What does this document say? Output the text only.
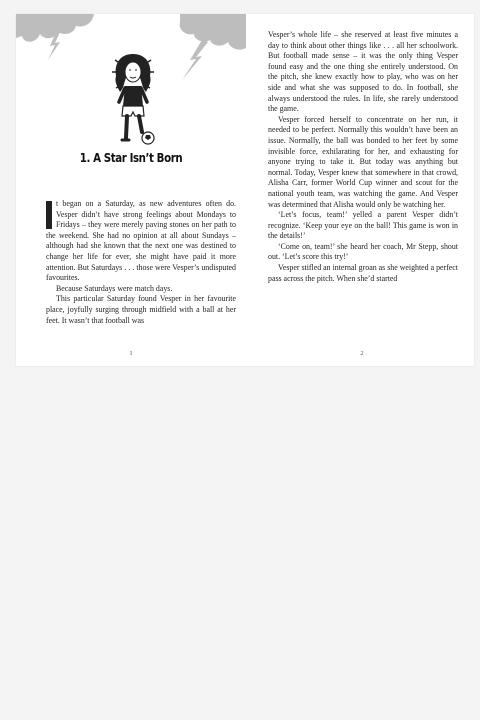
1. A Star Isn’t Born

t began on a Saturday, as new adventures often do. Vesper didn’t have strong feelings about Mondays to Fridays – they were merely paving stones on her path to the weekend. She had no opinion at all about Sundays – although had she known that the next one was destined to change her life for ever, she might have paid it more attention. But Saturdays . . . those were Vesper’s undisputed favourites.

Because Saturdays were match days.

This particular Saturday found Vesper in her favourite place, joyfully surging through midfield with a ball at her feet. It wasn’t that football was

1

Vesper’s whole life – she reserved at least five minutes a day to think about other things like . . . all her schoolwork. But football made sense – it was the only thing Vesper found easy and the one thing she entirely understood. On the pitch, she knew exactly how to play, who was on her side and what she was supposed to do. In football, she always understood the rules. In life, she rarely understood the game.

Vesper forced herself to concentrate on her run, it needed to be perfect. Normally this wouldn’t have been an issue. Normally, the ball was bonded to her feet by some invisible force, exhilarating for her, and exhausting for anyone trying to take it. But today was anything but normal. Today, Vesper knew that somewhere in that crowd, Alisha Carr, former World Cup winner and scout for the national youth team, was watching the game. And Vesper was determined that Alisha would only be watching her.

‘Let’s focus, team!’ yelled a parent Vesper didn’t recognize. ‘Keep your eye on the ball! This game is won in the details!’

‘Come on, team!’ she heard her coach, Mr Stepp, shout out. ‘Let’s score this try!’

Vesper stifled an internal groan as she weighted a perfect pass across the pitch. When she’d started

2
